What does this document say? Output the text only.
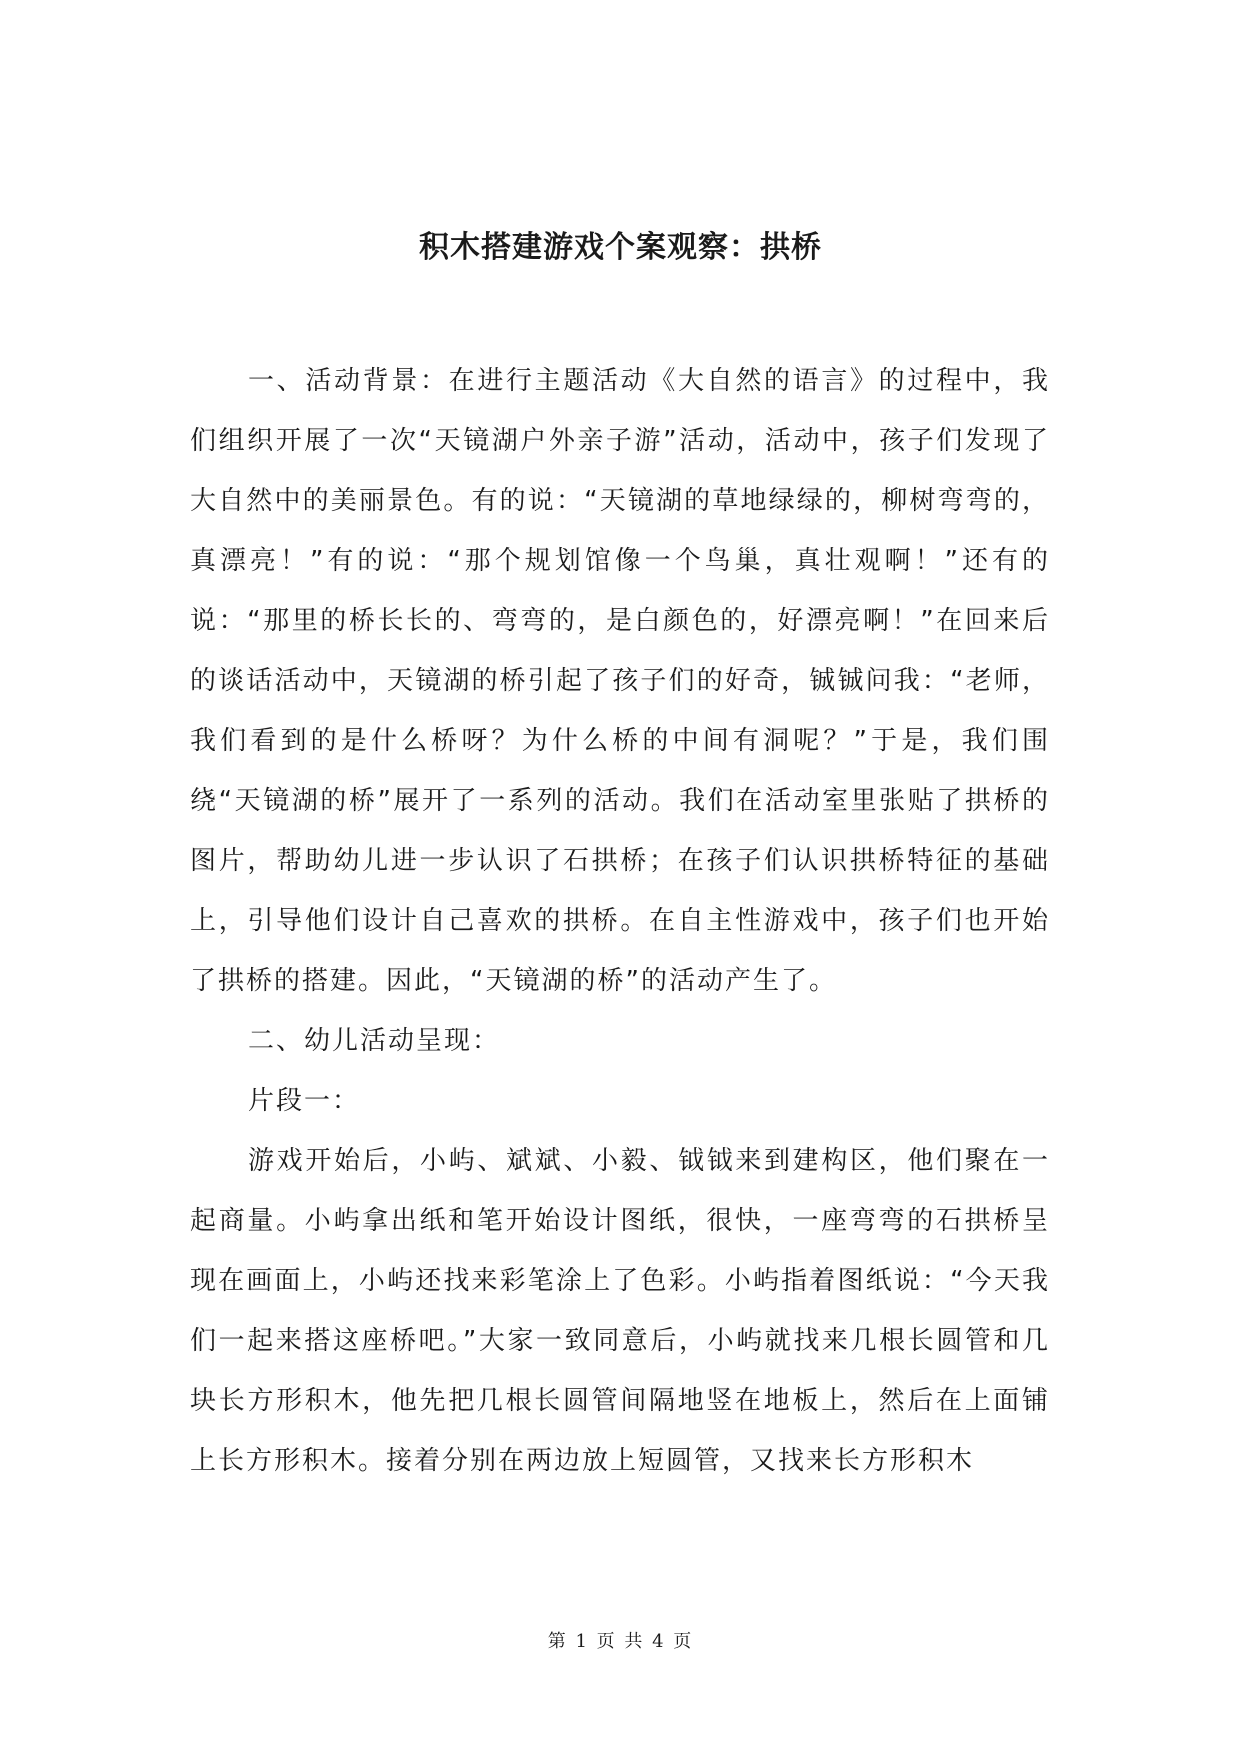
积木搭建游戏个案观察：拱桥

一、活动背景：在进行主题活动《大自然的语言》的过程中，我们组织开展了一次“天镜湖户外亲子游”活动，活动中，孩子们发现了大自然中的美丽景色。有的说：“天镜湖的草地绿绿的，柳树弯弯的，真漂亮！”有的说：“那个规划馆像一个鸟巢，真壮观啊！”还有的说：“那里的桥长长的、弯弯的，是白颜色的，好漂亮啊！”在回来后的谈话活动中，天镜湖的桥引起了孩子们的好奇，铖铖问我：“老师，我们看到的是什么桥呀？为什么桥的中间有洞呢？”于是，我们围绕“天镜湖的桥”展开了一系列的活动。我们在活动室里张贴了拱桥的图片，帮助幼儿进一步认识了石拱桥；在孩子们认识拱桥特征的基础上，引导他们设计自己喜欢的拱桥。在自主性游戏中，孩子们也开始了拱桥的搭建。因此，“天镜湖的桥”的活动产生了。

二、幼儿活动呈现：

片段一：

游戏开始后，小屿、斌斌、小毅、钺钺来到建构区，他们聚在一起商量。小屿拿出纸和笔开始设计图纸，很快，一座弯弯的石拱桥呈现在画面上，小屿还找来彩笔涂上了色彩。小屿指着图纸说：“今天我们一起来搭这座桥吧。”大家一致同意后，小屿就找来几根长圆管和几块长方形积木，他先把几根长圆管间隔地竖在地板上，然后在上面铺上长方形积木。接着分别在两边放上短圆管，又找来长方形积木

第 1 页 共 4 页
